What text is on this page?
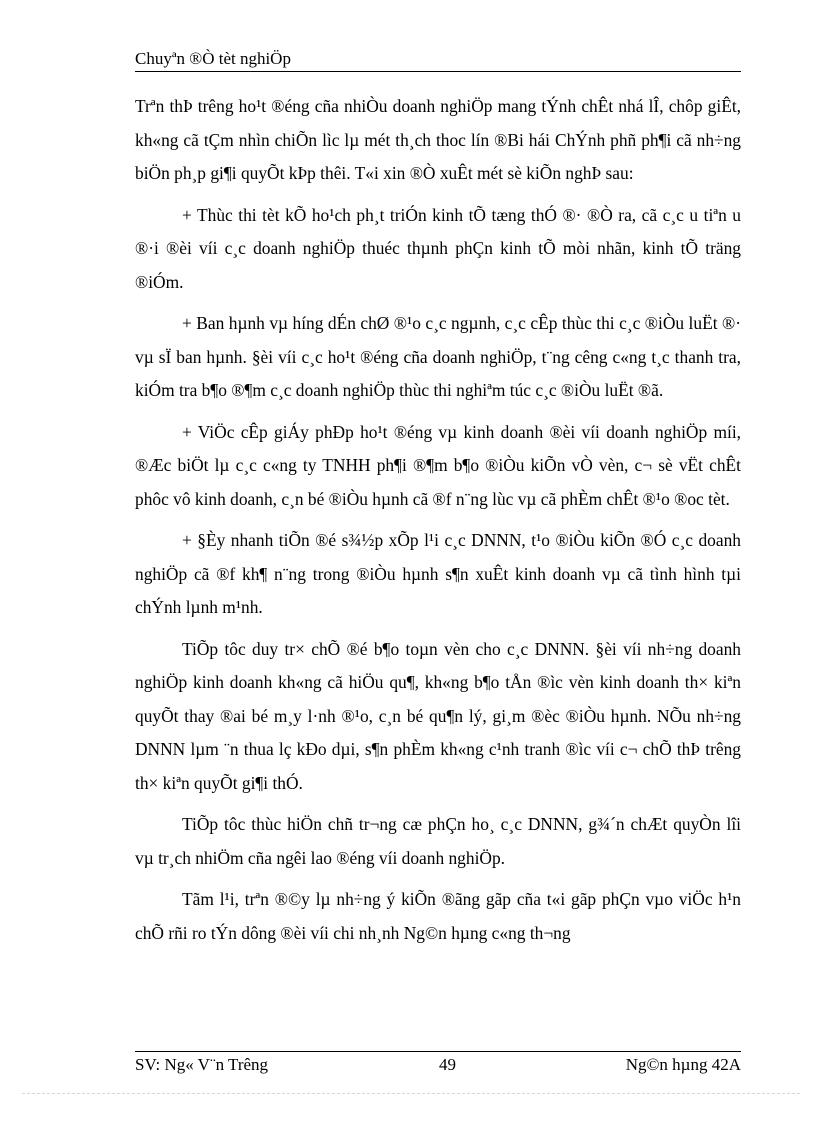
Chuyªn ®Ò tèt nghiÖp

Trªn thÞ trêng ho¹t ®éng cña nhiÒu doanh nghiÖp mang tÝnh chÊt nhá lÎ, chôp giÊt, kh«ng cã tÇm nhìn chiÕn lìc lµ mét th¸ch thoc lín ®Bi hái ChÝnh phñ ph¶i cã nh÷ng biÖn ph¸p gi¶i quyÕt kÞp thêi. T«i xin ®Ò xuÊt mét sè kiÕn nghÞ sau:

+ Thùc thi tèt kÕ ho¹ch ph¸t triÓn kinh tÕ tæng thÓ ®· ®Ò ra, cã c¸c u tiªn u ®·i ®èi víi c¸c doanh nghiÖp thuéc thµnh phÇn kinh tÕ mòi nhãn, kinh tÕ träng ®iÓm.

+ Ban hµnh vµ híng dÉn chØ ®¹o c¸c ngµnh, c¸c cÊp thùc thi c¸c ®iÒu luËt ®· vµ sÏ ban hµnh. §èi víi c¸c ho¹t ®éng cña doanh nghiÖp, t¨ng cêng c«ng t¸c thanh tra, kiÓm tra b¶o ®¶m c¸c doanh nghiÖp thùc thi nghiªm túc c¸c ®iÒu luËt ®ã.

+ ViÖc cÊp giÁy phÐp ho¹t ®éng vµ kinh doanh ®èi víi doanh nghiÖp míi, ®Æc biÖt lµ c¸c c«ng ty TNHH ph¶i ®¶m b¶o ®iÒu kiÕn vÒ vèn, c¬ sè vËt chÊt phôc vô kinh doanh, c¸n bé ®iÒu hµnh cã ®f n¨ng lùc vµ cã phÈm chÊt ®¹o ®oc tèt.

+ §Èy nhanh tiÕn ®é s¾½p xÕp l¹i c¸c DNNN, t¹o ®iÒu kiÕn ®Ó c¸c doanh nghiÖp cã ®f kh¶ n¨ng trong ®iÒu hµnh s¶n xuÊt kinh doanh vµ cã tình hình tµi chÝnh lµnh m¹nh.

TiÕp tôc duy tr× chÕ ®é b¶o toµn vèn cho c¸c DNNN. §èi víi nh÷ng doanh nghiÖp kinh doanh kh«ng cã hiÖu qu¶, kh«ng b¶o tÅn ®ìc vèn kinh doanh th× kiªn quyÕt thay ®ai bé m¸y l·nh ®¹o, c¸n bé qu¶n lý, gi¸m ®èc ®iÒu hµnh. NÕu nh÷ng DNNN lµm ¨n thua lç kÐo dµi, s¶n phÈm kh«ng c¹nh tranh ®ìc víi c¬ chÕ thÞ trêng th× kiªn quyÕt gi¶i thÓ.

TiÕp tôc thùc hiÖn chñ tr¬ng cæ phÇn ho¸ c¸c DNNN, g¾´n chÆt quyÒn lîi vµ tr¸ch nhiÖm cña ngêi lao ®éng víi doanh nghiÖp.

Tãm l¹i, trªn ®©y lµ nh÷ng ý kiÕn ®ãng gãp cña t«i gãp phÇn vµo viÖc h¹n chÕ rñi ro tÝn dông ®èi víi chi nh¸nh Ng©n hµng c«ng th¬ng

SV: Ng« V¨n Trêng	49	Ng©n hµng 42A
